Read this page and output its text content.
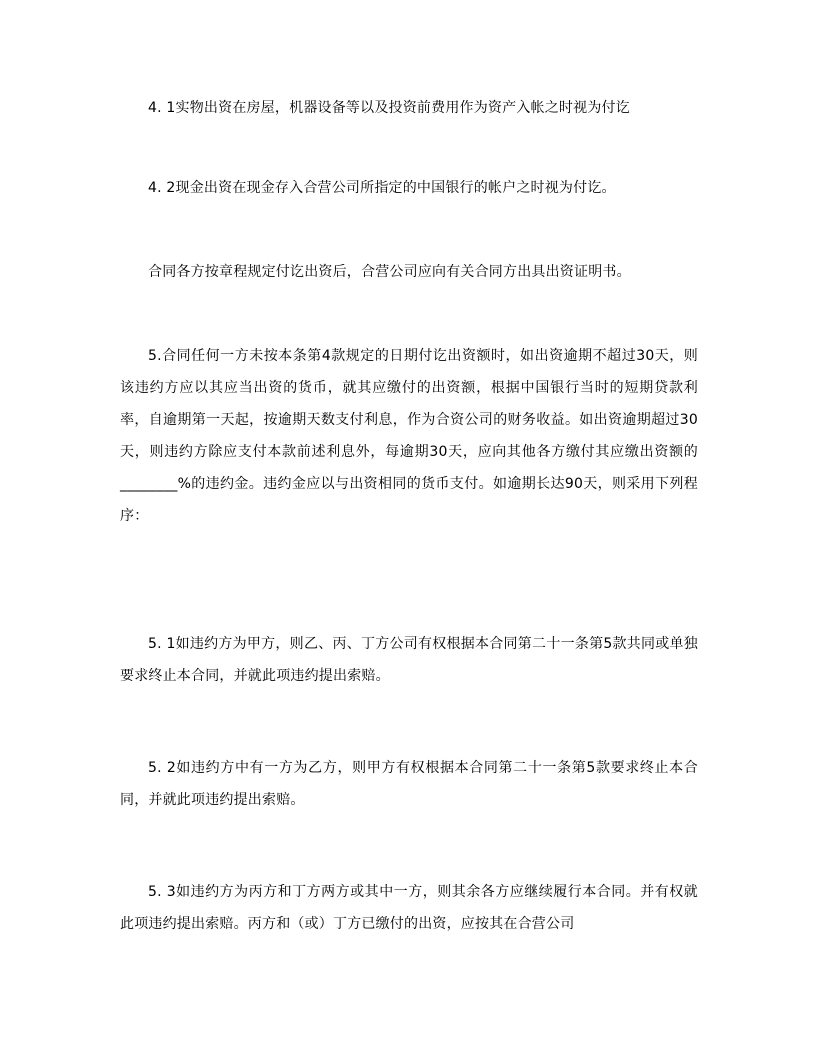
4. 1实物出资在房屋，机器设备等以及投资前费用作为资产入帐之时视为付讫

4. 2现金出资在现金存入合营公司所指定的中国银行的帐户之时视为付讫。

合同各方按章程规定付讫出资后，合营公司应向有关合同方出具出资证明书。

5.合同任何一方未按本条第4款规定的日期付讫出资额时，如出资逾期不超过30天，则该违约方应以其应当出资的货币，就其应缴付的出资额，根据中国银行当时的短期贷款利率，自逾期第一天起，按逾期天数支付利息，作为合资公司的财务收益。如出资逾期超过30天，则违约方除应支付本款前述利息外，每逾期30天，应向其他各方缴付其应缴出资额的________%的违约金。违约金应以与出资相同的货币支付。如逾期长达90天，则采用下列程序：

5. 1如违约方为甲方，则乙、丙、丁方公司有权根据本合同第二十一条第5款共同或单独要求终止本合同，并就此项违约提出索赔。

5. 2如违约方中有一方为乙方，则甲方有权根据本合同第二十一条第5款要求终止本合同，并就此项违约提出索赔。

5. 3如违约方为丙方和丁方两方或其中一方，则其余各方应继续履行本合同。并有权就此项违约提出索赔。丙方和（或）丁方已缴付的出资，应按其在合营公司
